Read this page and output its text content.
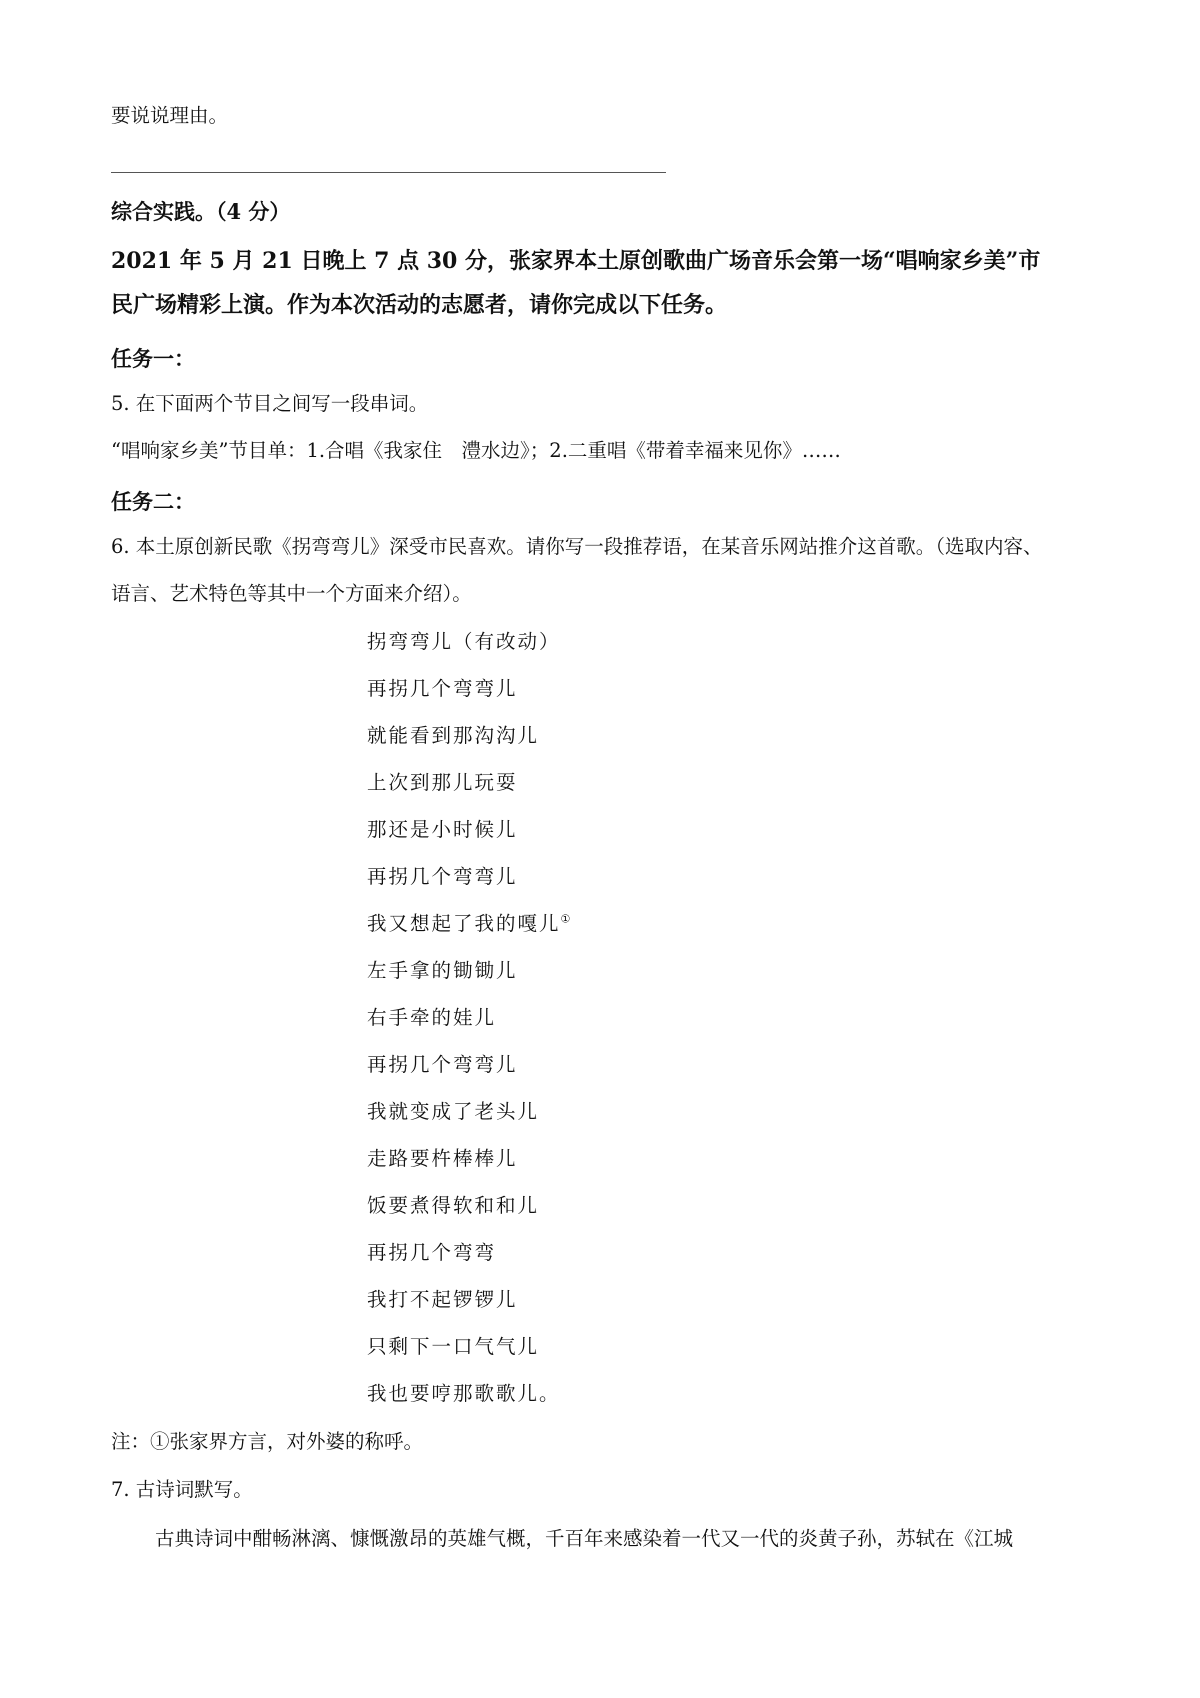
要说说理由。

综合实践。（4 分）

2021 年 5 月 21 日晚上 7 点 30 分，张家界本土原创歌曲广场音乐会第一场“唱响家乡美”市

民广场精彩上演。作为本次活动的志愿者，请你完成以下任务。

任务一：

5. 在下面两个节目之间写一段串词。

“唱响家乡美”节目单：1.合唱《我家住　澧水边》；2.二重唱《带着幸福来见你》……

任务二：

6. 本土原创新民歌《拐弯弯儿》深受市民喜欢。请你写一段推荐语，在某音乐网站推介这首歌。（选取内容、

语言、艺术特色等其中一个方面来介绍）。

拐弯弯儿（有改动）

再拐几个弯弯儿

就能看到那沟沟儿

上次到那儿玩耍

那还是小时候儿

再拐几个弯弯儿

我又想起了我的嘎儿①

左手拿的锄锄儿

右手牵的娃儿

再拐几个弯弯儿

我就变成了老头儿

走路要杵棒棒儿

饭要煮得软和和儿

再拐几个弯弯

我打不起锣锣儿

只剩下一口气气儿

我也要哼那歌歌儿。

注：①张家界方言，对外婆的称呼。

7. 古诗词默写。

古典诗词中酣畅淋漓、慷慨激昂的英雄气概，千百年来感染着一代又一代的炎黄子孙，苏轼在《江城
